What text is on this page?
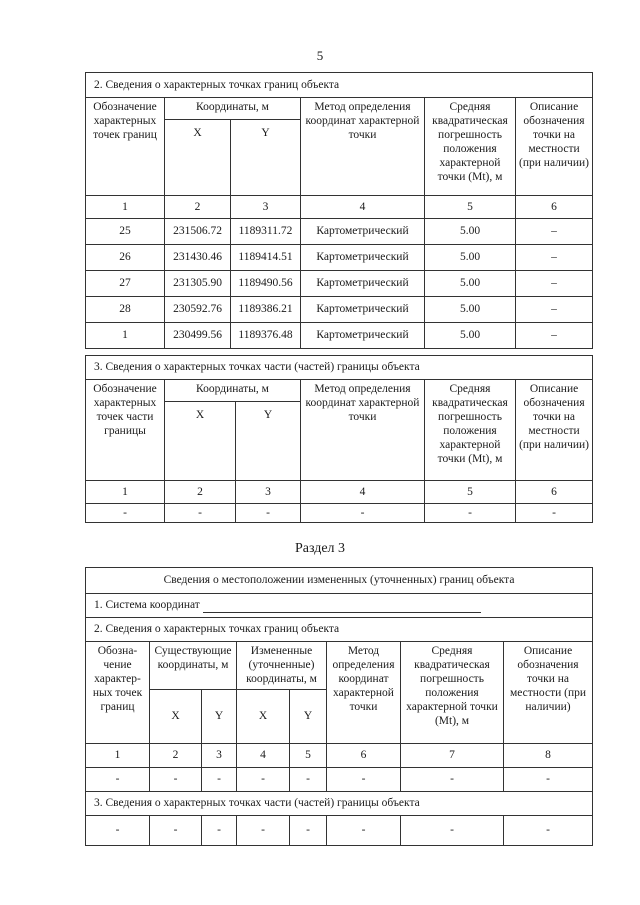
5
2. Сведения о характерных точках границ объекта					
Обозначение характерных точек границ	Координаты, м		Метод определения координат характерной точки	Средняя квадратическая погрешность положения характерной точки (Mt), м	Описание обозначения точки на местности (при наличии)
	X	Y			
1	2	3	4	5	6
25	231506.72	1189311.72	Картометрический	5.00	–
26	231430.46	1189414.51	Картометрический	5.00	–
27	231305.90	1189490.56	Картометрический	5.00	–
28	230592.76	1189386.21	Картометрический	5.00	–
1	230499.56	1189376.48	Картометрический	5.00	–
3. Сведения о характерных точках части (частей) границы объекта					
Обозначение характерных точек части границы	Координаты, м		Метод определения координат характерной точки	Средняя квадратическая погрешность положения характерной точки (Mt), м	Описание обозначения точки на местности (при наличии)
	X	Y			
1	2	3	4	5	6
-	-	-	-	-	-
Раздел 3
Сведения о местоположении измененных (уточненных) границ объекта							
1. Система координат							
2. Сведения о характерных точках границ объекта							
Обозна-чение характер-ных точек границ	Существующие координаты, м		Измененные (уточненные) координаты, м		Метод определения координат характерной точки	Средняя квадратическая погрешность положения характерной точки (Mt), м	Описание обозначения точки на местности (при наличии)
	X	Y	X	Y			
1	2	3	4	5	6	7	8
-	-	-	-	-	-	-	-
3. Сведения о характерных точках части (частей) границы объекта							
-	-	-	-	-	-	-	-
